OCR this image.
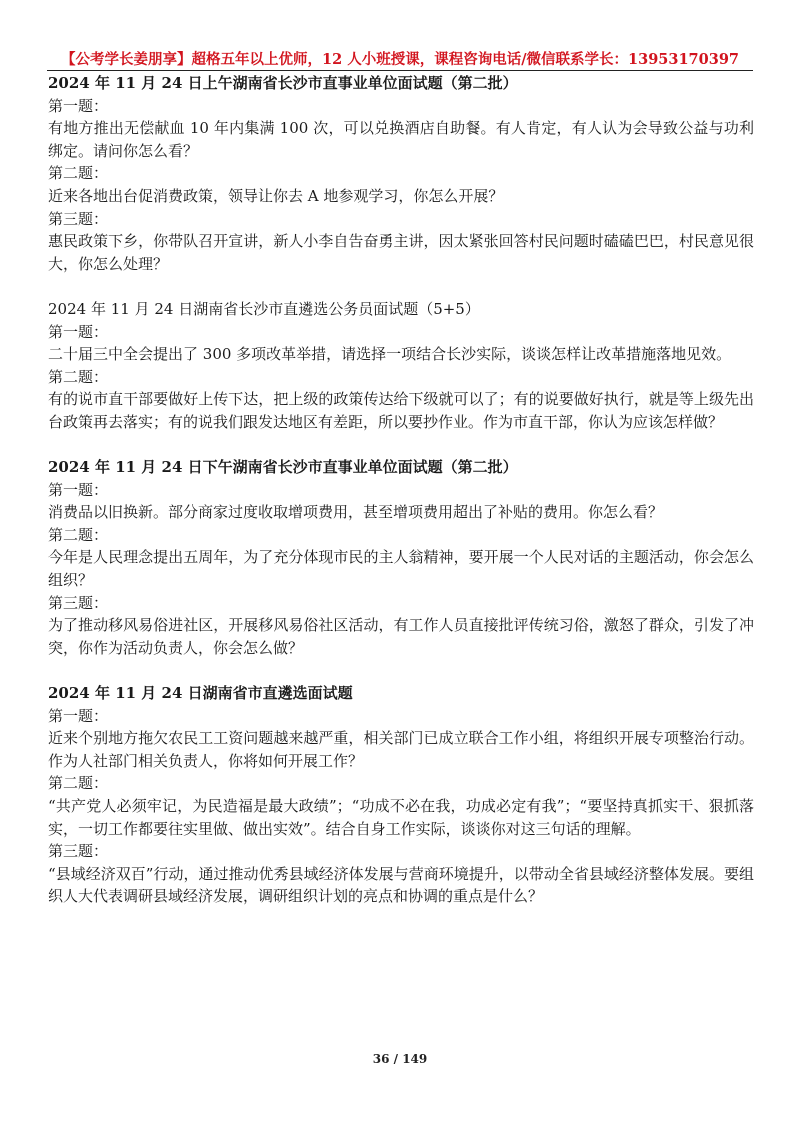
【公考学长姜朋享】超格五年以上优师，12 人小班授课，课程咨询电话/微信联系学长：13953170397

2024 年 11 月 24 日上午湖南省长沙市直事业单位面试题（第二批）

第一题：

有地方推出无偿献血 10 年内集满 100 次，可以兑换酒店自助餐。有人肯定，有人认为会导致公益与功利绑定。请问你怎么看？

第二题：

近来各地出台促消费政策，领导让你去 A 地参观学习，你怎么开展？

第三题：

惠民政策下乡，你带队召开宣讲，新人小李自告奋勇主讲，因太紧张回答村民问题时磕磕巴巴，村民意见很大，你怎么处理？

2024 年 11 月 24 日湖南省长沙市直遴选公务员面试题（5+5）

第一题：

二十届三中全会提出了 300 多项改革举措，请选择一项结合长沙实际，谈谈怎样让改革措施落地见效。

第二题：

有的说市直干部要做好上传下达，把上级的政策传达给下级就可以了；有的说要做好执行，就是等上级先出台政策再去落实；有的说我们跟发达地区有差距，所以要抄作业。作为市直干部，你认为应该怎样做？

2024 年 11 月 24 日下午湖南省长沙市直事业单位面试题（第二批）

第一题：

消费品以旧换新。部分商家过度收取增项费用，甚至增项费用超出了补贴的费用。你怎么看？

第二题：

今年是人民理念提出五周年，为了充分体现市民的主人翁精神，要开展一个人民对话的主题活动，你会怎么组织？

第三题：

为了推动移风易俗进社区，开展移风易俗社区活动，有工作人员直接批评传统习俗，激怒了群众，引发了冲突，你作为活动负责人，你会怎么做？

2024 年 11 月 24 日湖南省市直遴选面试题

第一题：

近来个别地方拖欠农民工工资问题越来越严重，相关部门已成立联合工作小组，将组织开展专项整治行动。作为人社部门相关负责人，你将如何开展工作？

第二题：

“共产党人必须牢记，为民造福是最大政绩”；“功成不必在我，功成必定有我”；“要坚持真抓实干、狠抓落实，一切工作都要往实里做、做出实效”。结合自身工作实际，谈谈你对这三句话的理解。

第三题：

“县域经济双百”行动，通过推动优秀县域经济体发展与营商环境提升，以带动全省县域经济整体发展。要组织人大代表调研县域经济发展，调研组织计划的亮点和协调的重点是什么？

36 / 149
